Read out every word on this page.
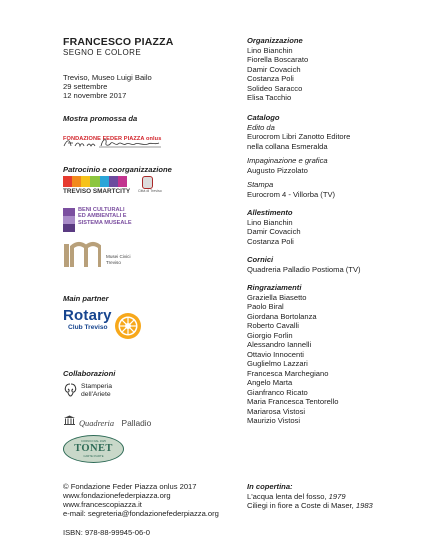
FRANCESCO PIAZZA
SEGNO E COLORE
Treviso, Museo Luigi Bailo
29 settembre
12 novembre 2017
Mostra promossa da
FONDAZIONE FEDER PIAZZA onlus
Patrocinio e coorganizzazione
TREVISO SMARTCITY Città di Treviso
BENI CULTURALI
ED AMBIENTALI E
SISTEMA MUSEALE
Musei Civici
Treviso
Main partner
Rotary
Club Treviso
Collaborazioni
Stamperia
dell'Ariete
Quadreria Palladio
CORNICI DAL 1925
TONET
CARTE D'ARTE
© Fondazione Feder Piazza onlus 2017
www.fondazionefederpiazza.org
www.francescopiazza.it
e-mail: segreteria@fondazionefederpiazza.org
ISBN: 978-88-99945-06-0
Organizzazione
Lino Bianchin
Fiorella Boscarato
Damir Covacich
Costanza Poli
Solideo Saracco
Elisa Tacchio
Catalogo
Edito da
Eurocrom Libri Zanotto Editore
nella collana Esmeralda
Impaginazione e grafica
Augusto Pizzolato
Stampa
Eurocrom 4 - Villorba (TV)
Allestimento
Lino Bianchin
Damir Covacich
Costanza Poli
Cornici
Quadreria Palladio Postioma (TV)
Ringraziamenti
Graziella Biasetto
Paolo Biral
Giordana Bortolanza
Roberto Cavalli
Giorgio Forlin
Alessandro Iannelli
Ottavio Innocenti
Guglielmo Lazzari
Francesca Marchegiano
Angelo Marta
Gianfranco Ricato
Maria Francesca Tentorello
Mariarosa Vistosi
Maurizio Vistosi
In copertina:
L'acqua lenta del fosso, 1979
Ciliegi in fiore a Coste di Maser, 1983
